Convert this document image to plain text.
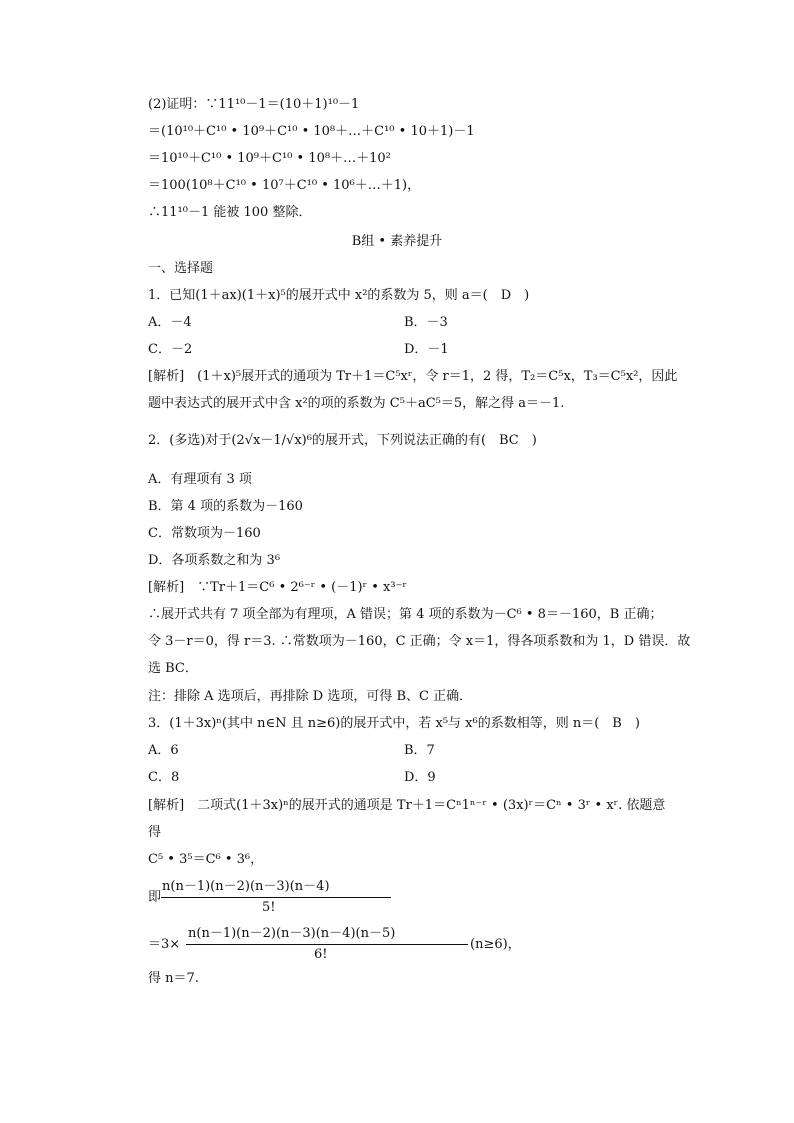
(2)证明：∵11¹⁰－1＝(10＋1)¹⁰－1
＝(10¹⁰＋C¹⁰ • 10⁹＋C¹⁰ • 10⁸＋…＋C¹⁰ • 10＋1)－1
＝10¹⁰＋C¹⁰ • 10⁹＋C¹⁰ • 10⁸＋…＋10²
＝100(10⁸＋C¹⁰ • 10⁷＋C¹⁰ • 10⁶＋…＋1)，
∴11¹⁰－1 能被 100 整除．
B组 • 素养提升
一、选择题
1．已知(1＋ax)(1＋x)⁵的展开式中 x²的系数为 5，则 a＝(　D　)
A．－4	B．－3
C．－2	D．－1
[解析]　(1＋x)⁵展开式的通项为 Tr＋1＝C⁵xʳ，令 r＝1，2 得，T₂＝C⁵x，T₃＝C⁵x²，因此
题中表达式的展开式中含 x²的项的系数为 C⁵＋aC⁵＝5，解之得 a＝－1.
2．(多选)对于(2√x－1/√x)⁶的展开式，下列说法正确的有(　BC　)
A．有理项有 3 项
B．第 4 项的系数为－160
C．常数项为－160
D．各项系数之和为 3⁶
[解析]　∵Tr＋1＝C⁶ • 2⁶⁻ʳ • (－1)ʳ • x³⁻ʳ
∴展开式共有 7 项全部为有理项，A 错误；第 4 项的系数为－C⁶ • 8＝－160，B 正确；
令 3－r＝0，得 r＝3. ∴常数项为－160，C 正确；令 x＝1，得各项系数和为 1，D 错误．故
选 BC．
注：排除 A 选项后，再排除 D 选项，可得 B、C 正确．
3．(1＋3x)ⁿ(其中 n∈N 且 n≥6)的展开式中，若 x⁵与 x⁶的系数相等，则 n＝(　B　)
A．6	B．7
C．8	D．9
[解析]　二项式(1＋3x)ⁿ的展开式的通项是 Tr＋1＝Cⁿ1ⁿ⁻ʳ • (3x)ʳ＝Cⁿ • 3ʳ • xʳ. 依题意
得
C⁵ • 3⁵＝C⁶ • 3⁶，
即
n(n－1)(n－2)(n－3)(n－4)
5!
＝3×
n(n－1)(n－2)(n－3)(n－4)(n－5)
6!
(n≥6)，
得 n＝7.
